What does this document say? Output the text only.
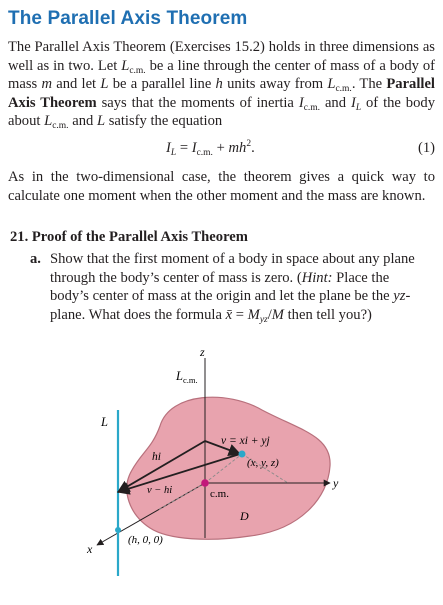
The Parallel Axis Theorem

The Parallel Axis Theorem (Exercises 15.2) holds in three dimensions as well as in two. Let $L_{c.m.}$ be a line through the center of mass of a body of mass m and let L be a parallel line h units away from $L_{c.m.}$. The Parallel Axis Theorem says that the moments of inertia $I_{c.m.}$ and $I_L$ of the body about $L_{c.m.}$ and L satisfy the equation

$I_L = I_{c.m.} + mh^2$.	(1)

As in the two-dimensional case, the theorem gives a quick way to calculate one moment when the other moment and the mass are known.

21. Proof of the Parallel Axis Theorem
a. Show that the first moment of a body in space about any plane through the body’s center of mass is zero. (Hint: Place the body’s center of mass at the origin and let the plane be the yz-plane. What does the formula x̄ = $M_{yz}/M$ then tell you?)
z
y
x
$L_{c.m.}$
L
hi
v − hi
v = xi + yj
(x, y, z)
c.m.
D
(h, 0, 0)
